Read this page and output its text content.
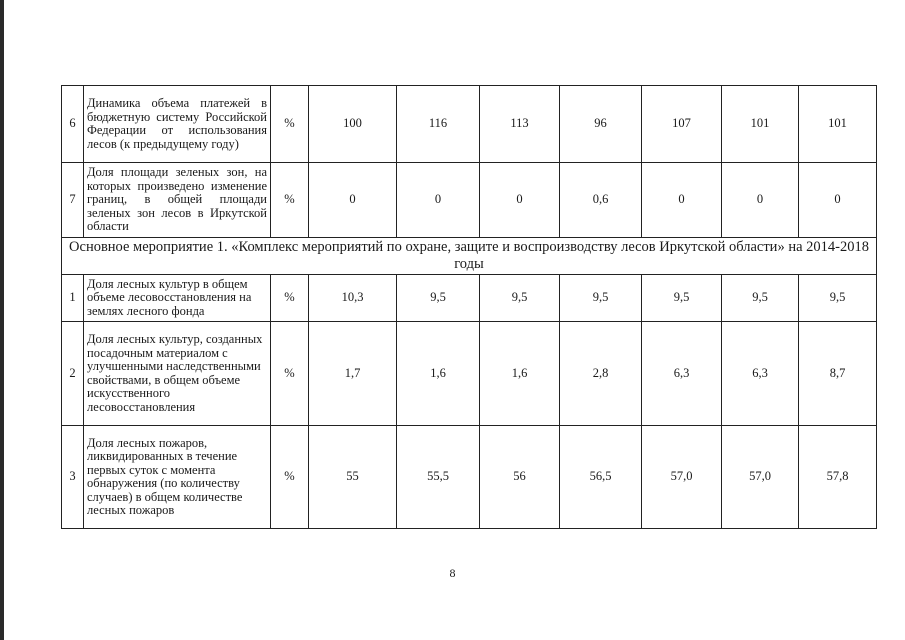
6	Динамика объема платежей в бюджетную систему Российской Федерации от использования лесов (к предыдущему году)	%	100	116	113	96	107	101	101
7	Доля площади зеленых зон, на которых произведено изменение границ, в общей площади зеленых зон лесов в Иркутской области	%	0	0	0	0,6	0	0	0
Основное мероприятие 1. «Комплекс мероприятий по охране, защите и воспроизводству лесов Иркутской области» на 2014-2018 годы									
1	Доля лесных культур в общем объеме лесовосстановления на землях лесного фонда	%	10,3	9,5	9,5	9,5	9,5	9,5	9,5
2	Доля лесных культур, созданных посадочным материалом с улучшенными наследственными свойствами, в общем объеме искусственного лесовосстановления	%	1,7	1,6	1,6	2,8	6,3	6,3	8,7
3	Доля лесных пожаров, ликвидированных в течение первых суток с момента обнаружения (по количеству случаев) в общем количестве лесных пожаров	%	55	55,5	56	56,5	57,0	57,0	57,8
8
